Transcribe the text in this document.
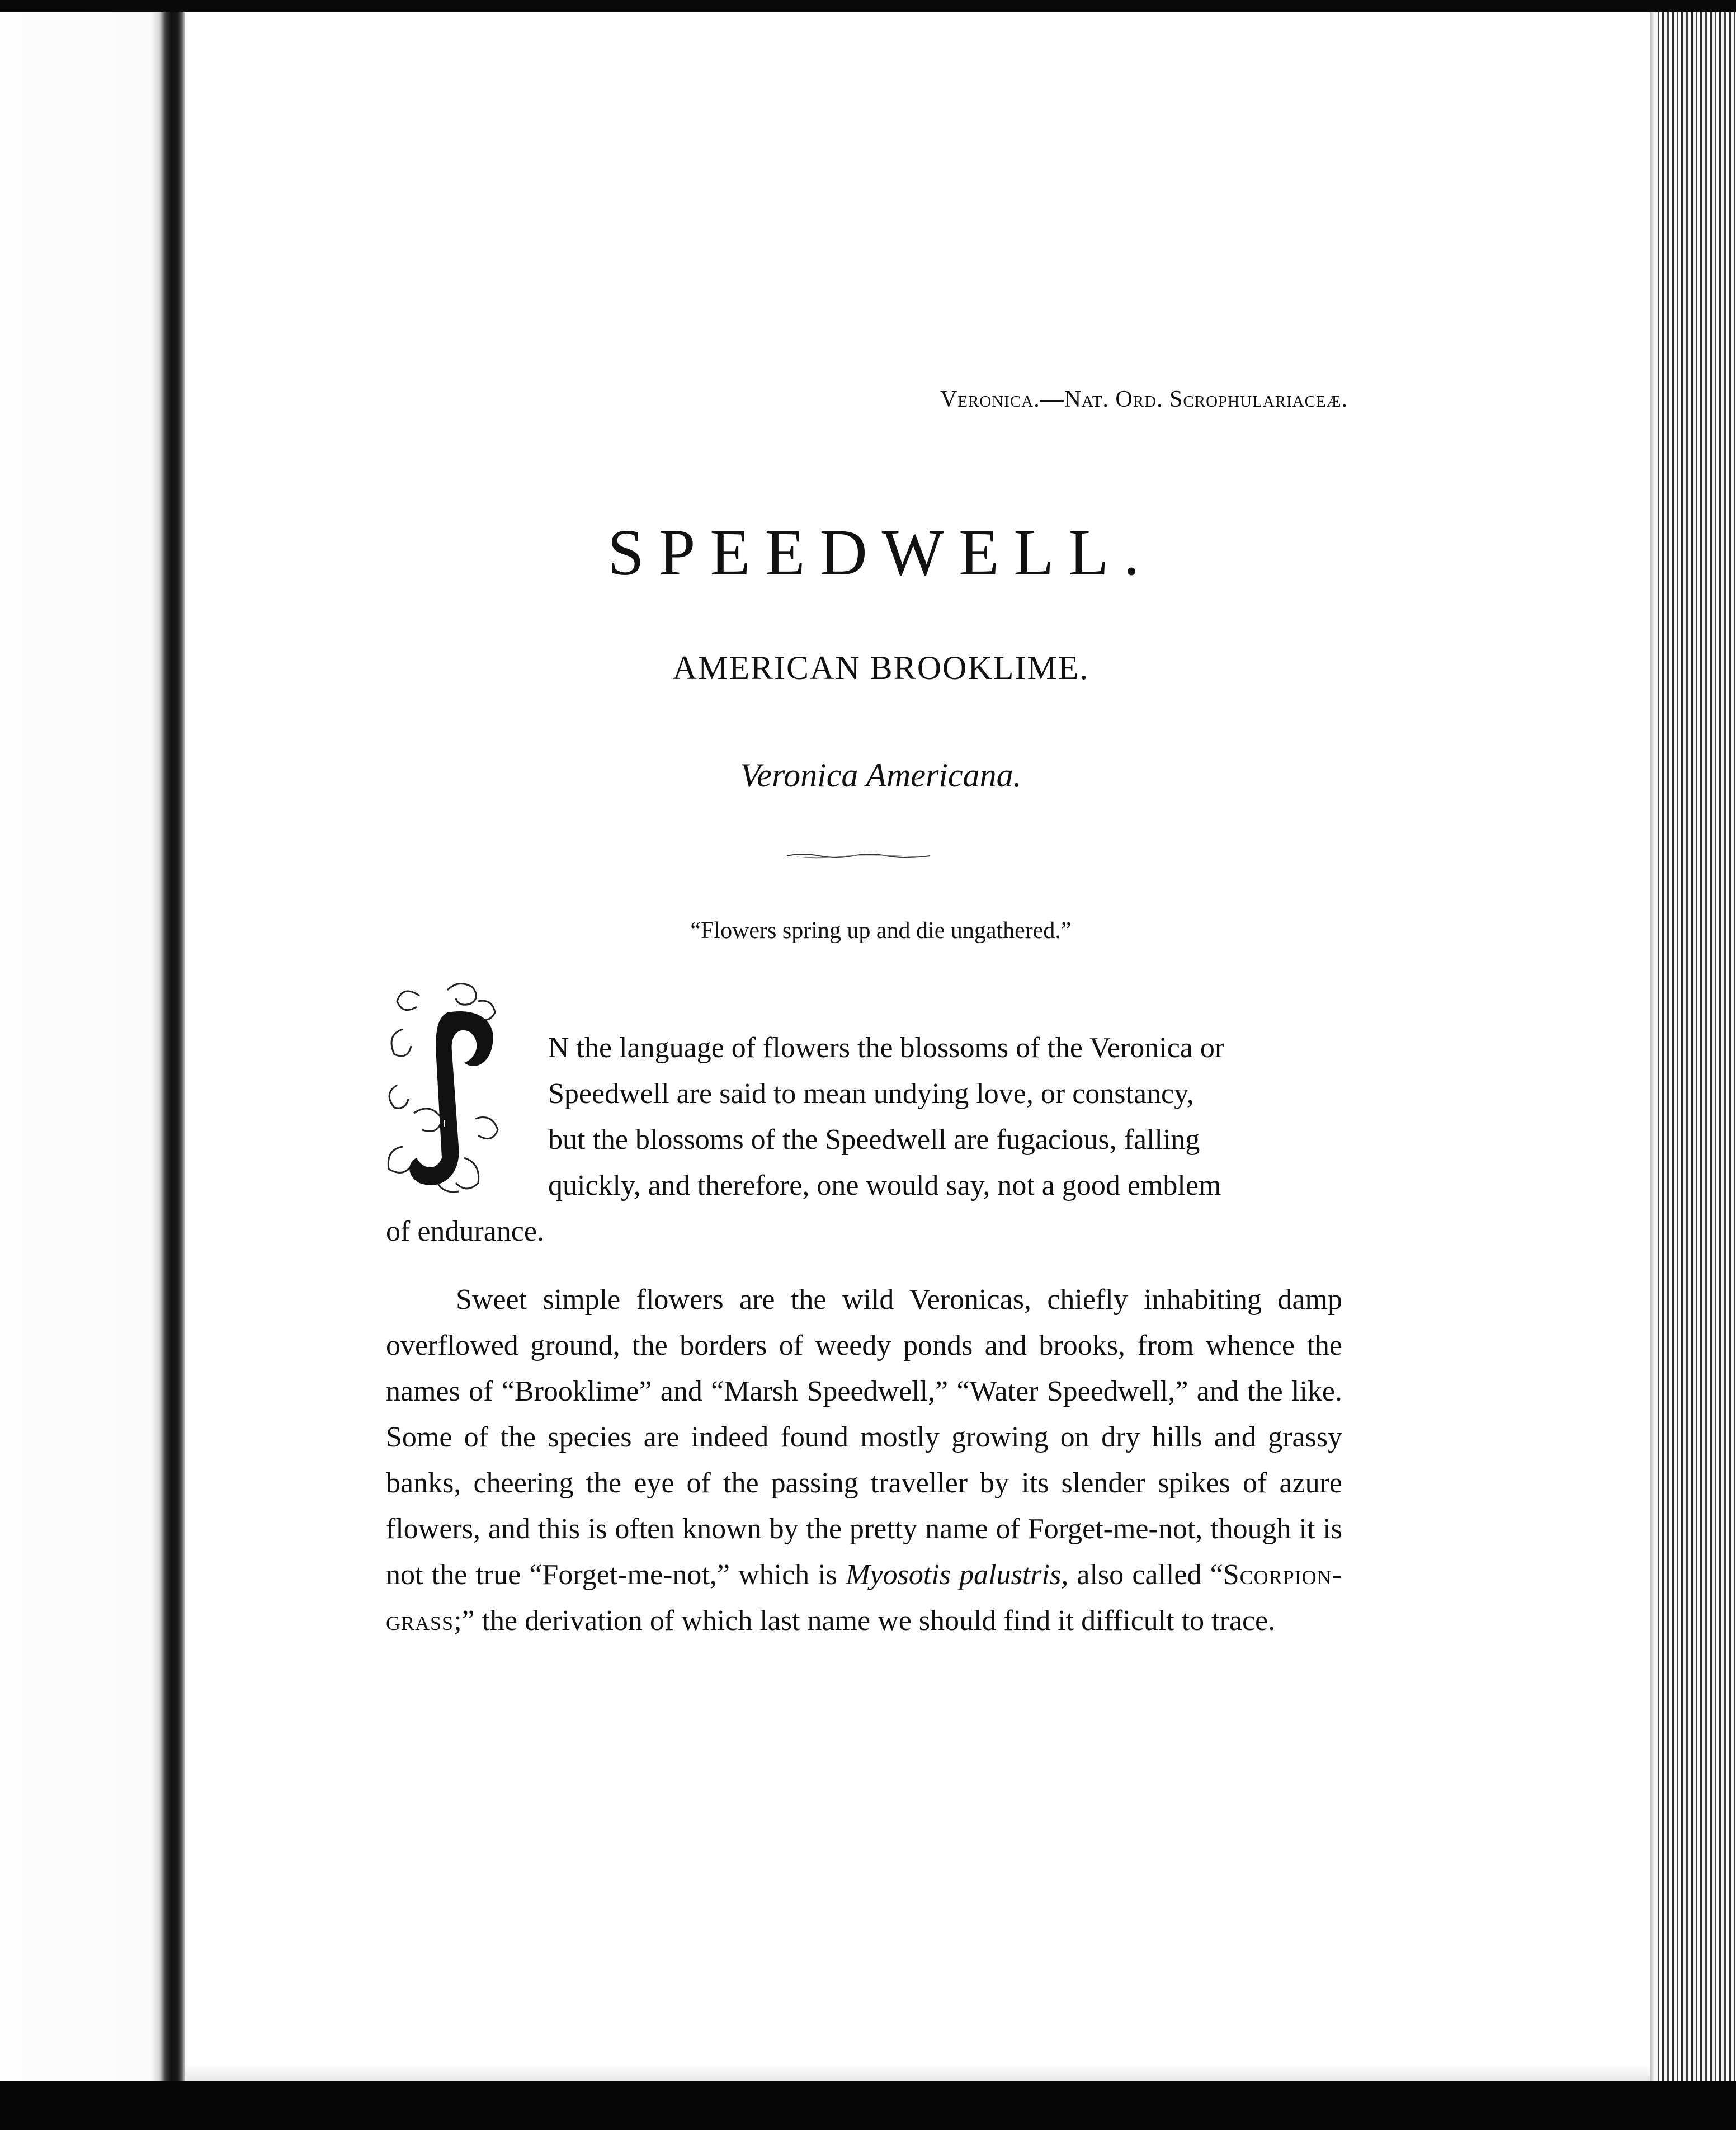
Veronica.—Nat. Ord. Scrophulariaceæ.
SPEEDWELL.
AMERICAN BROOKLIME.
Veronica Americana.
“Flowers spring up and die ungathered.”
I
N the language of flowers the blossoms of the Veronica or
Speedwell are said to mean undying love, or constancy,
but the blossoms of the Speedwell are fugacious, falling
quickly, and therefore, one would say, not a good emblem
of endurance.

Sweet simple flowers are the wild Veronicas, chiefly inhabiting damp overflowed ground, the borders of weedy ponds and brooks, from whence the names of “Brooklime” and “Marsh Speedwell,” “Water Speedwell,” and the like. Some of the species are indeed found mostly growing on dry hills and grassy banks, cheering the eye of the passing traveller by its slender spikes of azure flowers, and this is often known by the pretty name of Forget-me-not, though it is not the true “Forget-me-not,” which is Myosotis palustris, also called “Scorpion-grass;” the derivation of which last name we should find it difficult to trace.
